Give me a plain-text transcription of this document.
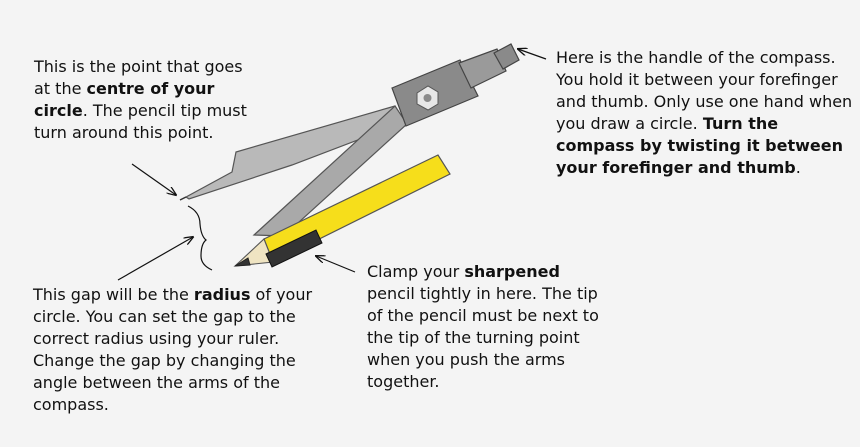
This is the point that goes at the centre of your circle. The pencil tip must turn around this point.

Here is the handle of the compass. You hold it between your forefinger and thumb. Only use one hand when you draw a circle. Turn the compass by twisting it between your forefinger and thumb.

Clamp your sharpened pencil tightly in here. The tip of the pencil must be next to the tip of the turning point when you push the arms together.

This gap will be the radius of your circle. You can set the gap to the correct radius using your ruler. Change the gap by changing the angle between the arms of the compass.
